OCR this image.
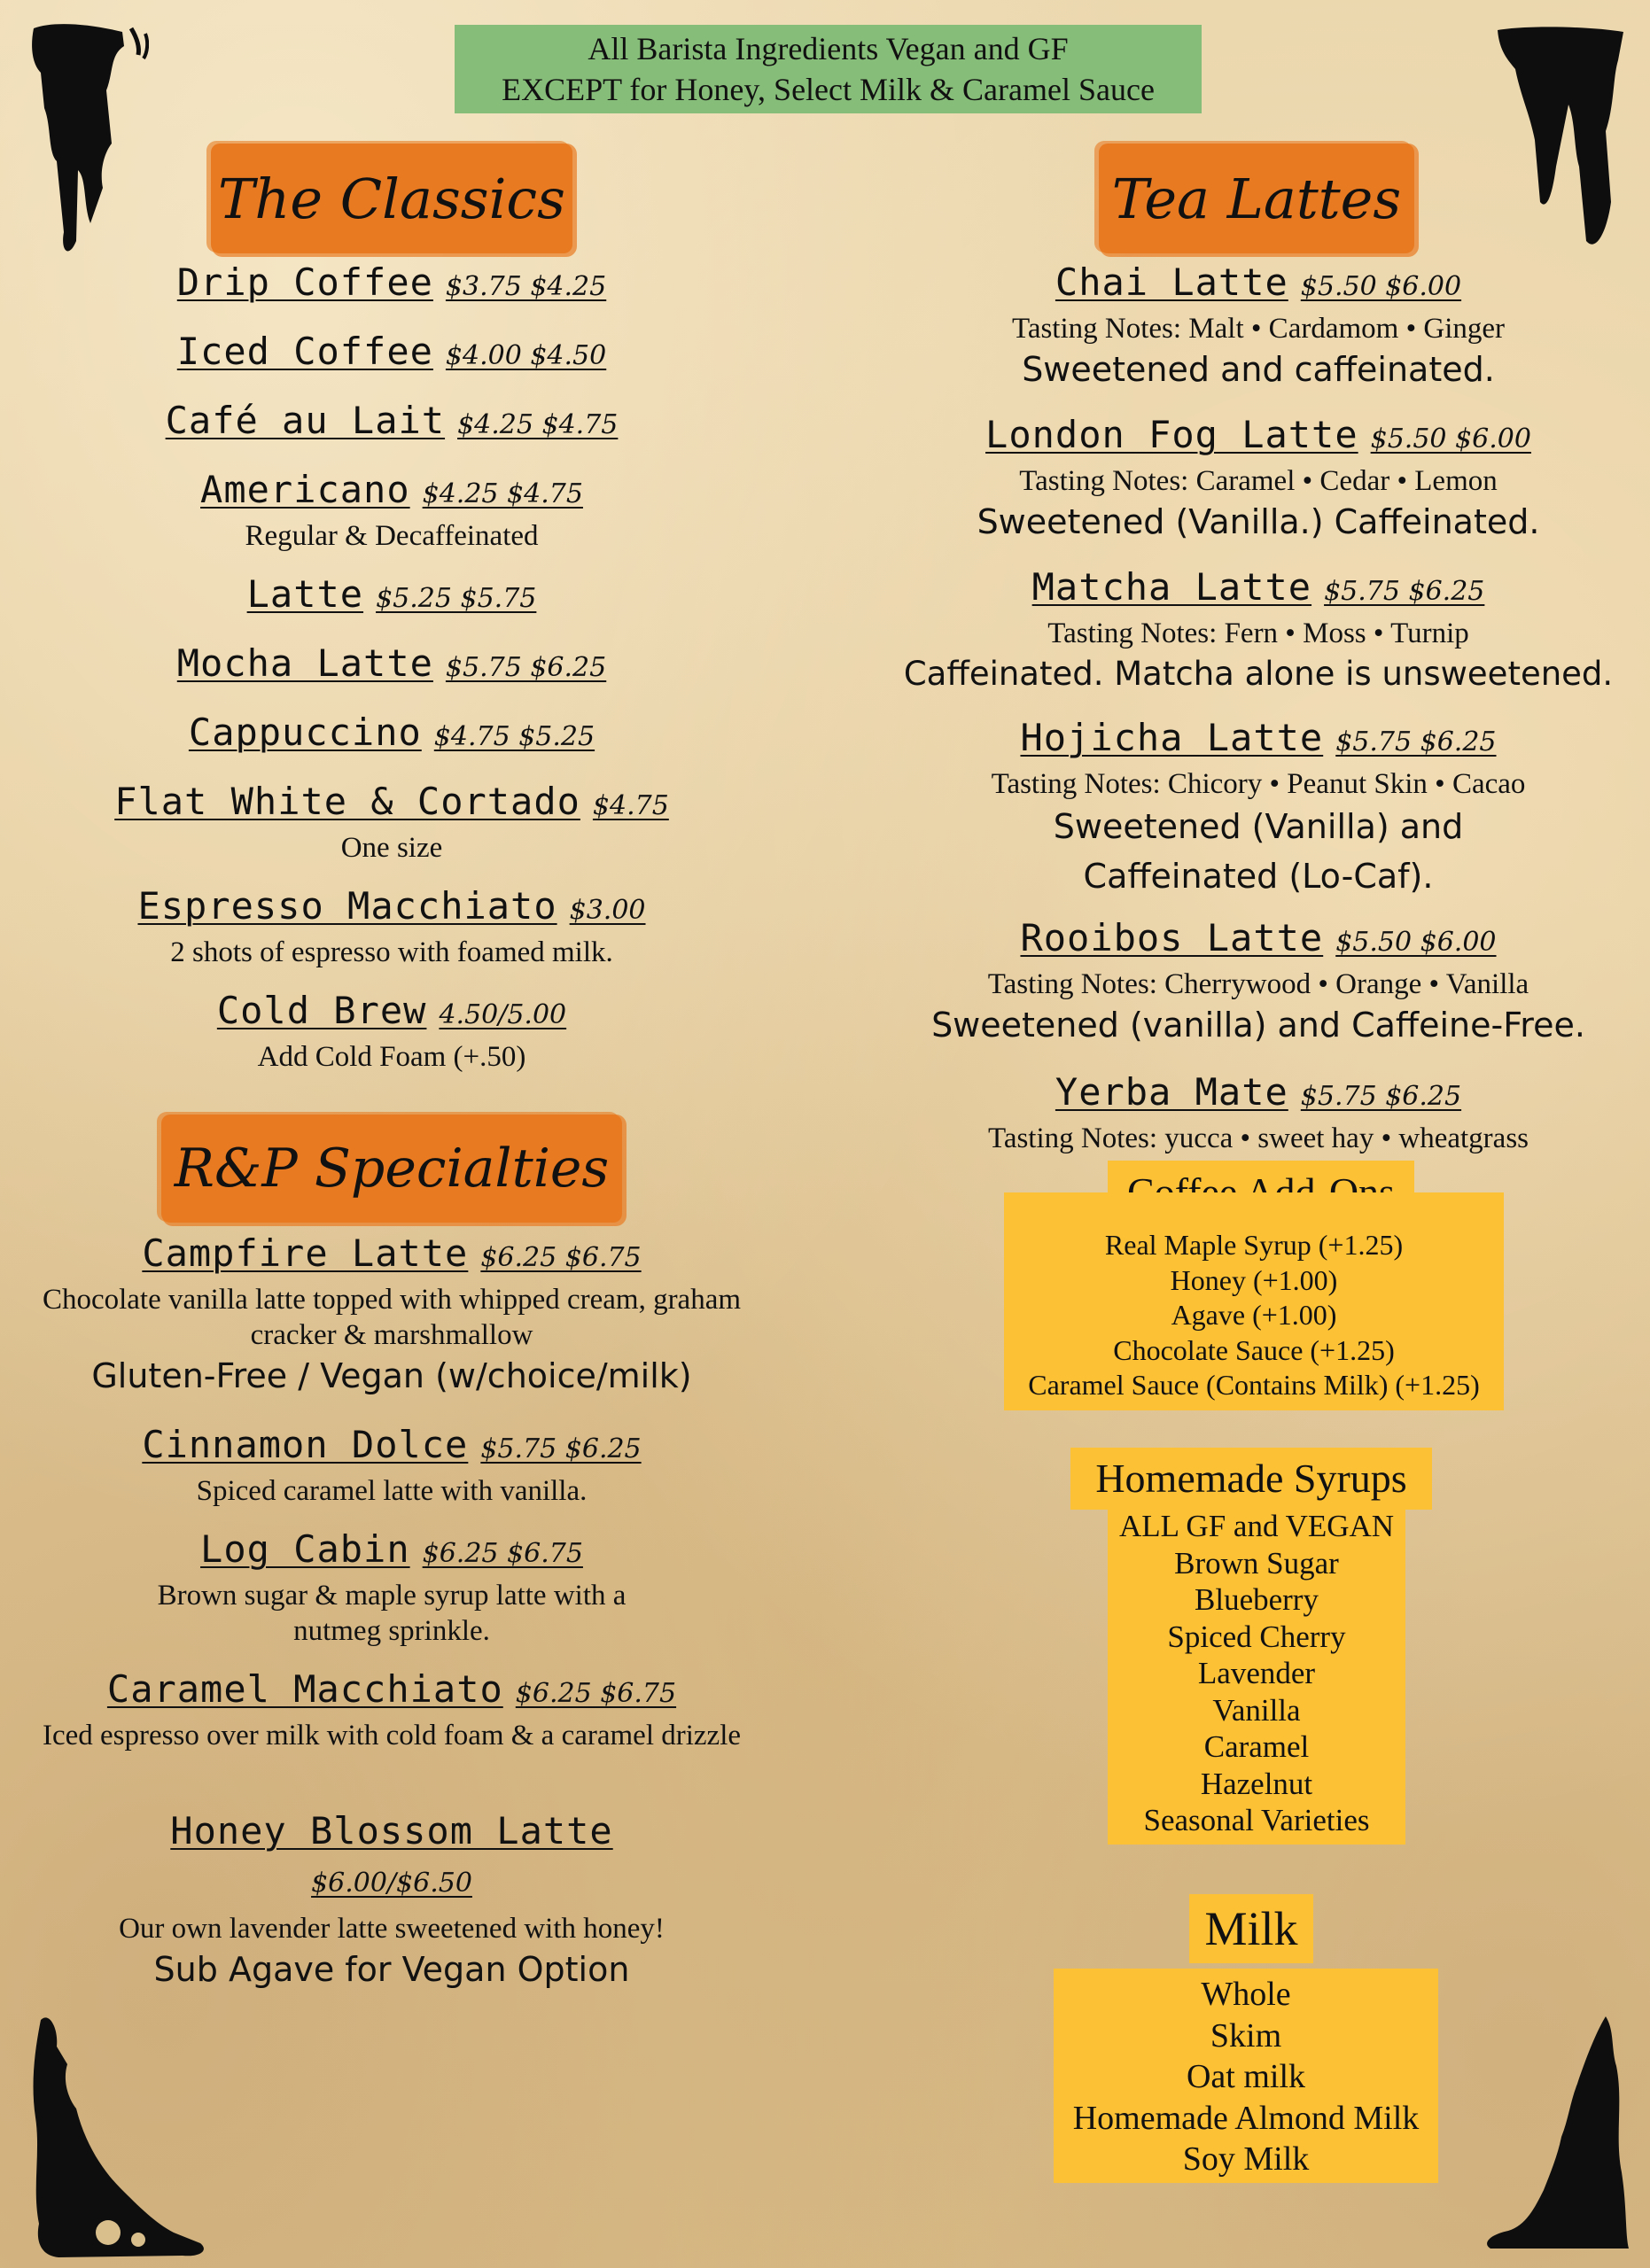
All Barista Ingredients Vegan and GF
EXCEPT for Honey, Select Milk & Caramel Sauce
The Classics
Drip Coffee $3.75 $4.25
Iced Coffee $4.00 $4.50
Café au Lait $4.25 $4.75
Americano $4.25 $4.75
Regular & Decaffeinated
Latte $5.25 $5.75
Mocha Latte $5.75 $6.25
Cappuccino $4.75 $5.25
Flat White & Cortado $4.75
One size
Espresso Macchiato $3.00
2 shots of espresso with foamed milk.
Cold Brew 4.50/5.00
Add Cold Foam (+.50)
R&P Specialties
Campfire Latte $6.25 $6.75
Chocolate vanilla latte topped with whipped cream, graham cracker & marshmallow
Gluten-Free / Vegan (w/choice/milk)
Cinnamon Dolce $5.75 $6.25
Spiced caramel latte with vanilla.
Log Cabin $6.25 $6.75
Brown sugar & maple syrup latte with a nutmeg sprinkle.
Caramel Macchiato $6.25 $6.75
Iced espresso over milk with cold foam & a caramel drizzle
Honey Blossom Latte
$6.00/$6.50
Our own lavender latte sweetened with honey!
Sub Agave for Vegan Option
Tea Lattes
Chai Latte $5.50 $6.00
Tasting Notes: Malt • Cardamom • Ginger
Sweetened and caffeinated.
London Fog Latte $5.50 $6.00
Tasting Notes: Caramel • Cedar • Lemon
Sweetened (Vanilla.) Caffeinated.
Matcha Latte $5.75 $6.25
Tasting Notes: Fern • Moss • Turnip
Caffeinated. Matcha alone is unsweetened.
Hojicha Latte $5.75 $6.25
Tasting Notes: Chicory • Peanut Skin • Cacao
Sweetened (Vanilla) and Caffeinated (Lo-Caf).
Rooibos Latte $5.50 $6.00
Tasting Notes: Cherrywood • Orange • Vanilla
Sweetened (vanilla) and Caffeine-Free.
Yerba Mate $5.75 $6.25
Tasting Notes: yucca • sweet hay • wheatgrass
Real Maple Syrup (+1.25)
Honey (+1.00)
Agave (+1.00)
Chocolate Sauce (+1.25)
Caramel Sauce (Contains Milk) (+1.25)
Homemade Syrups
ALL GF and VEGAN
Brown Sugar
Blueberry
Spiced Cherry
Lavender
Vanilla
Caramel
Hazelnut
Seasonal Varieties
Milk
Whole
Skim
Oat milk
Homemade Almond Milk
Soy Milk
